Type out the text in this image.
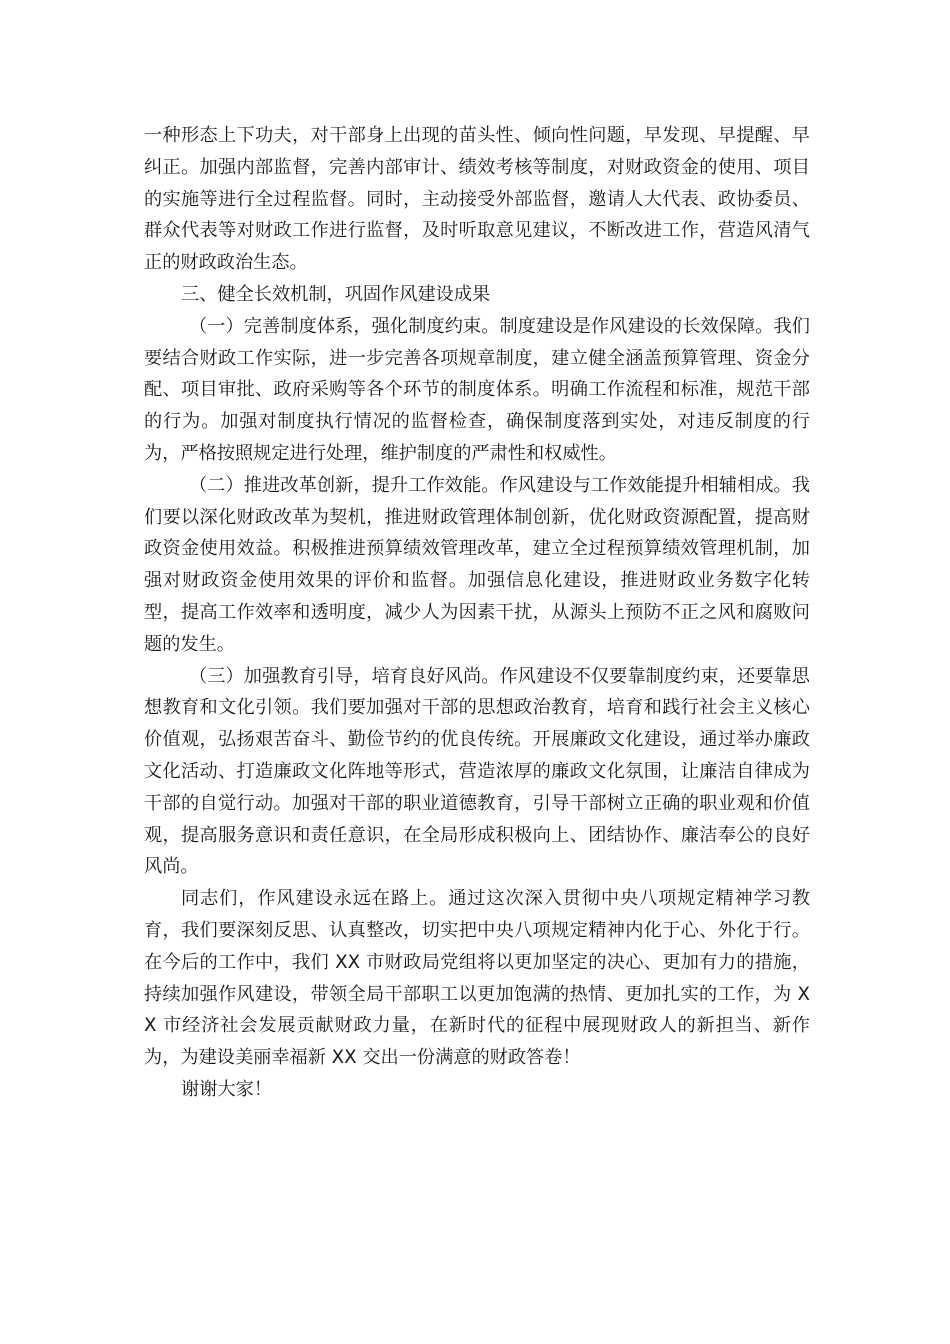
一种形态上下功夫，对干部身上出现的苗头性、倾向性问题，早发现、早提醒、早纠正。加强内部监督，完善内部审计、绩效考核等制度，对财政资金的使用、项目的实施等进行全过程监督。同时，主动接受外部监督，邀请人大代表、政协委员、群众代表等对财政工作进行监督，及时听取意见建议，不断改进工作，营造风清气正的财政政治生态。

三、健全长效机制，巩固作风建设成果

（一）完善制度体系，强化制度约束。制度建设是作风建设的长效保障。我们要结合财政工作实际，进一步完善各项规章制度，建立健全涵盖预算管理、资金分配、项目审批、政府采购等各个环节的制度体系。明确工作流程和标准，规范干部的行为。加强对制度执行情况的监督检查，确保制度落到实处，对违反制度的行为，严格按照规定进行处理，维护制度的严肃性和权威性。

（二）推进改革创新，提升工作效能。作风建设与工作效能提升相辅相成。我们要以深化财政改革为契机，推进财政管理体制创新，优化财政资源配置，提高财政资金使用效益。积极推进预算绩效管理改革，建立全过程预算绩效管理机制，加强对财政资金使用效果的评价和监督。加强信息化建设，推进财政业务数字化转型，提高工作效率和透明度，减少人为因素干扰，从源头上预防不正之风和腐败问题的发生。

（三）加强教育引导，培育良好风尚。作风建设不仅要靠制度约束，还要靠思想教育和文化引领。我们要加强对干部的思想政治教育，培育和践行社会主义核心价值观，弘扬艰苦奋斗、勤俭节约的优良传统。开展廉政文化建设，通过举办廉政文化活动、打造廉政文化阵地等形式，营造浓厚的廉政文化氛围，让廉洁自律成为干部的自觉行动。加强对干部的职业道德教育，引导干部树立正确的职业观和价值观，提高服务意识和责任意识，在全局形成积极向上、团结协作、廉洁奉公的良好风尚。

同志们，作风建设永远在路上。通过这次深入贯彻中央八项规定精神学习教育，我们要深刻反思、认真整改，切实把中央八项规定精神内化于心、外化于行。在今后的工作中，我们 XX 市财政局党组将以更加坚定的决心、更加有力的措施，持续加强作风建设，带领全局干部职工以更加饱满的热情、更加扎实的工作，为 XX 市经济社会发展贡献财政力量，在新时代的征程中展现财政人的新担当、新作为，为建设美丽幸福新 XX 交出一份满意的财政答卷！

谢谢大家！
